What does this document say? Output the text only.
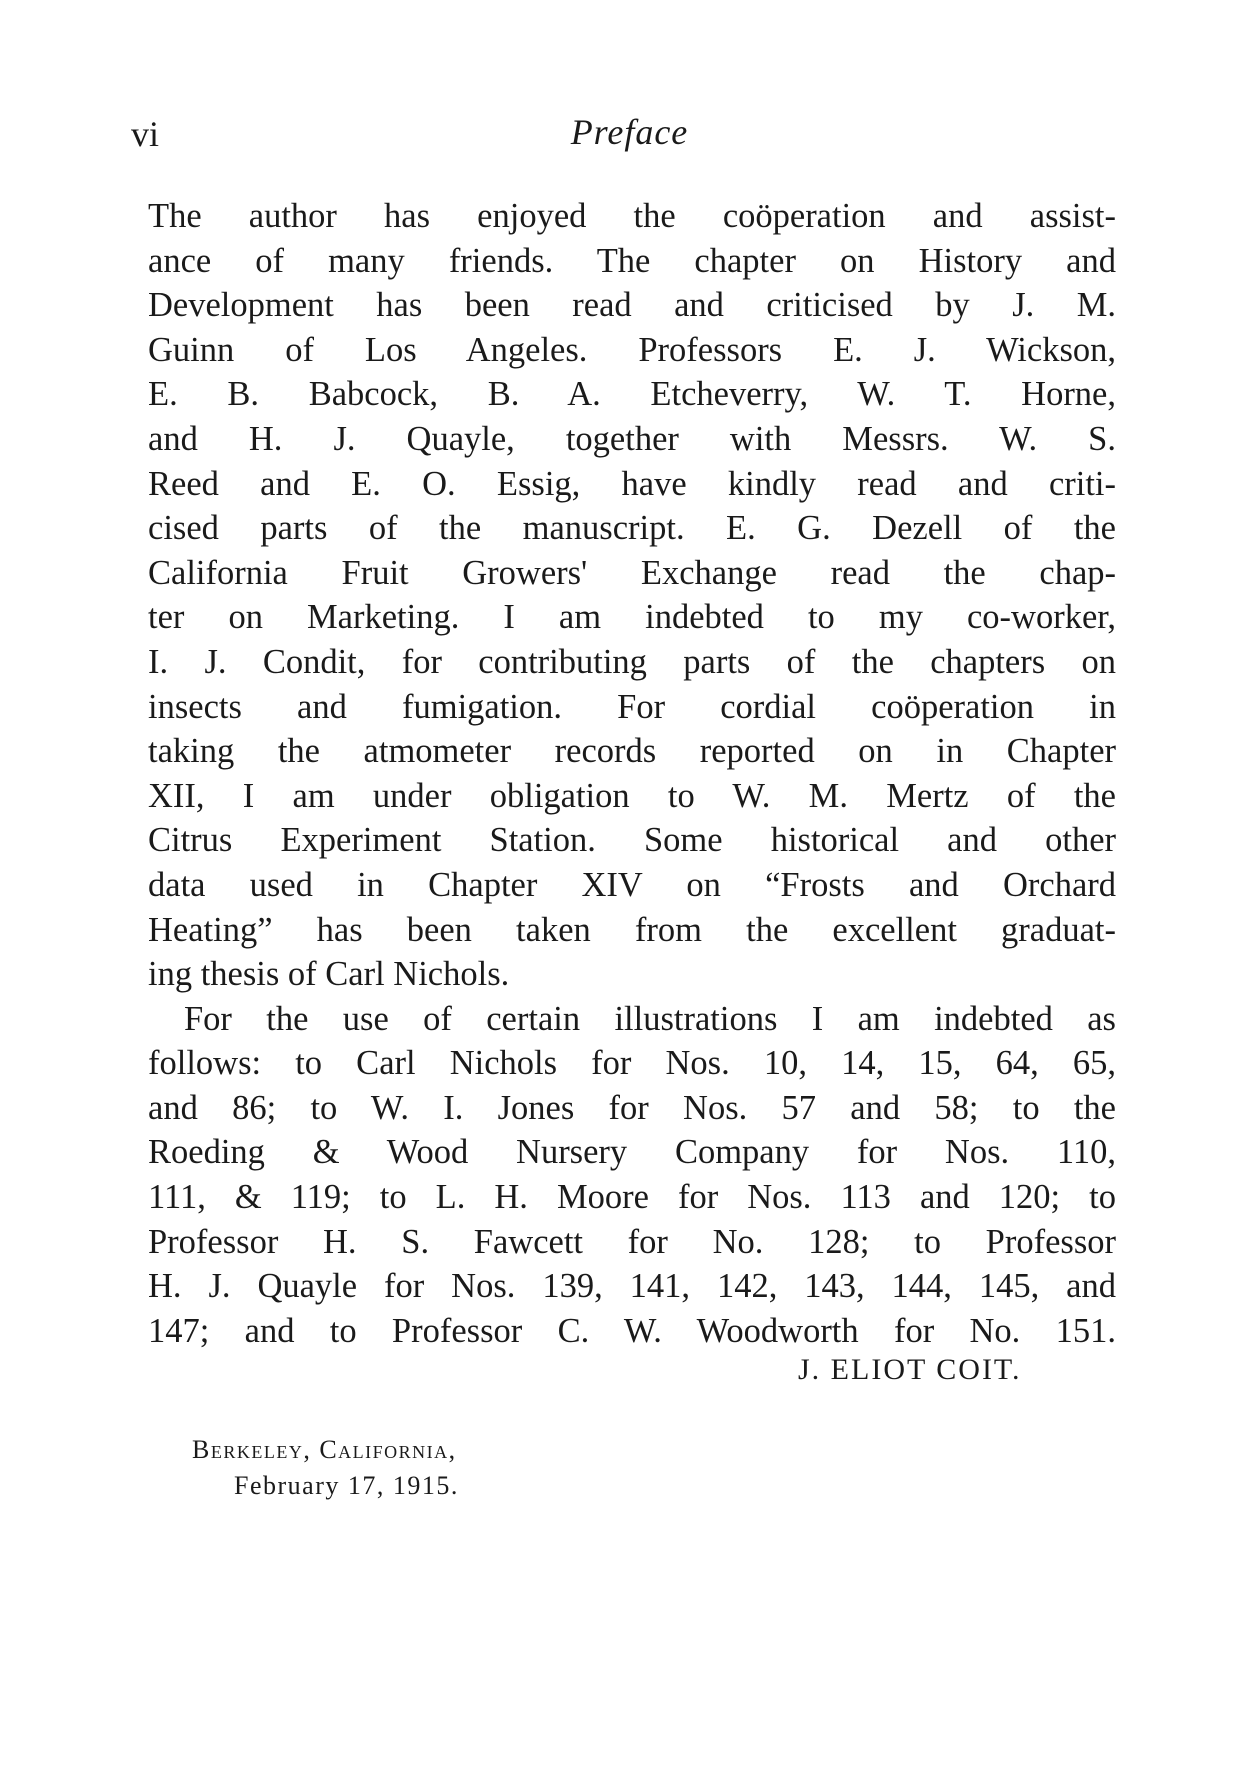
vi	Preface
The author has enjoyed the coöperation and assist-
ance of many friends. The chapter on History and
Development has been read and criticised by J. M.
Guinn of Los Angeles. Professors E. J. Wickson,
E. B. Babcock, B. A. Etcheverry, W. T. Horne,
and H. J. Quayle, together with Messrs. W. S.
Reed and E. O. Essig, have kindly read and criti-
cised parts of the manuscript. E. G. Dezell of the
California Fruit Growers' Exchange read the chap-
ter on Marketing. I am indebted to my co-worker,
I. J. Condit, for contributing parts of the chapters on
insects and fumigation. For cordial coöperation in
taking the atmometer records reported on in Chapter
XII, I am under obligation to W. M. Mertz of the
Citrus Experiment Station. Some historical and other
data used in Chapter XIV on “Frosts and Orchard
Heating” has been taken from the excellent graduat-
ing thesis of Carl Nichols.
For the use of certain illustrations I am indebted as
follows: to Carl Nichols for Nos. 10, 14, 15, 64, 65,
and 86; to W. I. Jones for Nos. 57 and 58; to the
Roeding & Wood Nursery Company for Nos. 110,
111, & 119; to L. H. Moore for Nos. 113 and 120; to
Professor H. S. Fawcett for No. 128; to Professor
H. J. Quayle for Nos. 139, 141, 142, 143, 144, 145, and
147; and to Professor C. W. Woodworth for No. 151.
J. ELIOT COIT.
Berkeley, California,
February 17, 1915.
